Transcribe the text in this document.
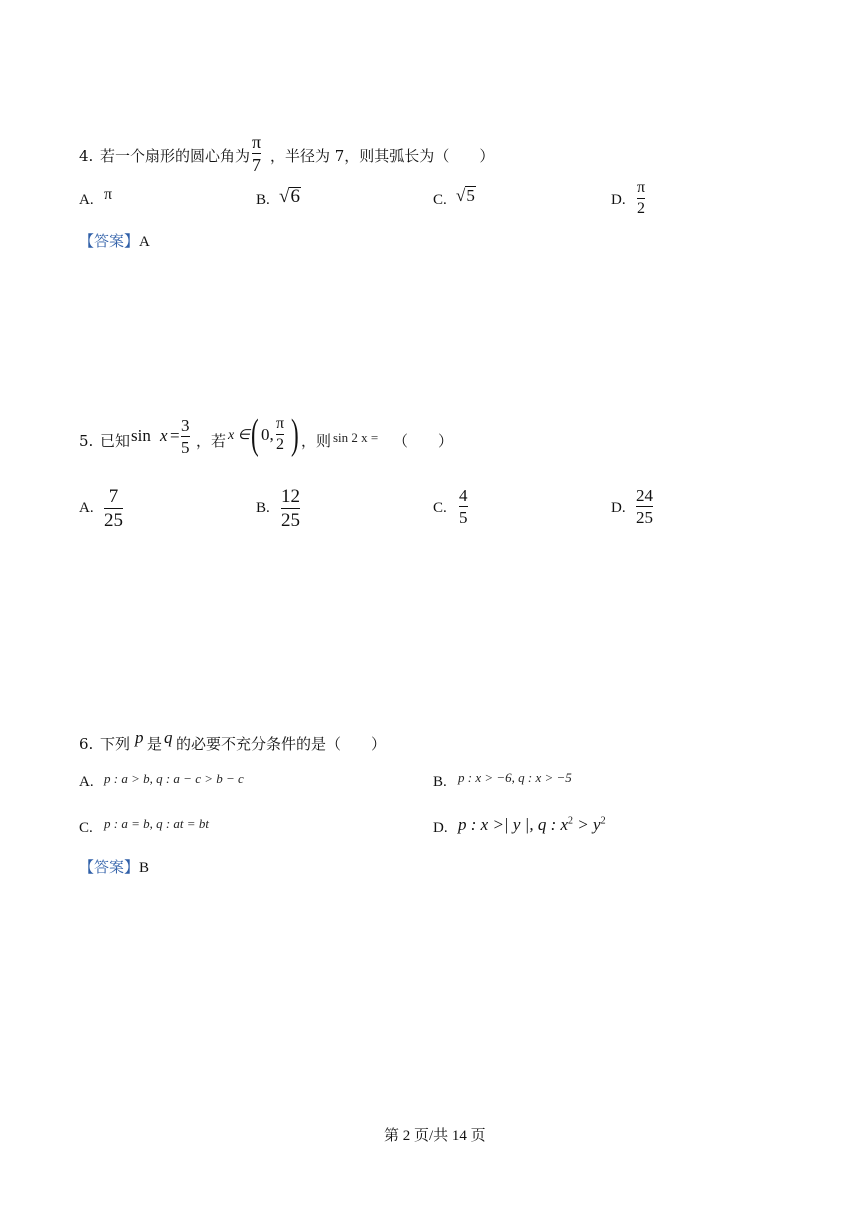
4. 若一个扇形的圆心角为
π
7 ，半径为 7，则其弧长为（　　）
A. π	B. √6	C. √5	D.
π
2
【答案】A
5. 已知 sin x =
3
5 ，若 x ∈ ( 0,
π
2 ) ，则 sin 2 x = （　　）
A.
7
25
B.
12
25
C.
4
5
D.
24
25
6. 下列 p 是 q 的必要不充分条件的是（　　）
A. p : a > b, q : a − c > b − c	B. p : x > −6, q : x > −5
C. p : a = b, q : at = bt	D. p : x >| y |, q : $x^2 > y^2$
【答案】B
第 2 页/共 14 页
